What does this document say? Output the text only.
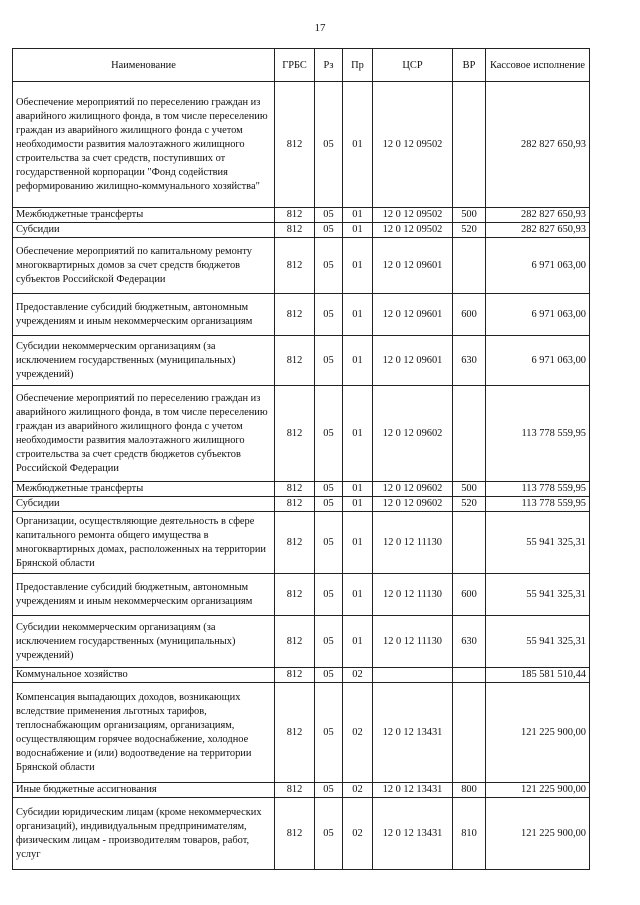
17
Наименование	ГРБС	Рз	Пр	ЦСР	ВР	Кассовое исполнение
Обеспечение мероприятий по переселению граждан из аварийного жилищного фонда, в том числе переселению граждан из аварийного жилищного фонда с учетом необходимости развития малоэтажного жилищного строительства за счет средств, поступивших от государственной корпорации "Фонд содействия реформированию жилищно-коммунального хозяйства"	812	05	01	12 0 12 09502		282 827 650,93
Межбюджетные трансферты	812	05	01	12 0 12 09502	500	282 827 650,93
Субсидии	812	05	01	12 0 12 09502	520	282 827 650,93
Обеспечение мероприятий по капитальному ремонту многоквартирных домов за счет средств бюджетов субъектов Российской Федерации	812	05	01	12 0 12 09601		6 971 063,00
Предоставление субсидий бюджетным, автономным учреждениям и иным некоммерческим организациям	812	05	01	12 0 12 09601	600	6 971 063,00
Субсидии некоммерческим организациям (за исключением государственных (муниципальных) учреждений)	812	05	01	12 0 12 09601	630	6 971 063,00
Обеспечение мероприятий по переселению граждан из аварийного жилищного фонда, в том числе переселению граждан из аварийного жилищного фонда с учетом необходимости развития малоэтажного жилищного строительства за счет средств бюджетов субъектов Российской Федерации	812	05	01	12 0 12 09602		113 778 559,95
Межбюджетные трансферты	812	05	01	12 0 12 09602	500	113 778 559,95
Субсидии	812	05	01	12 0 12 09602	520	113 778 559,95
Организации, осуществляющие деятельность в сфере капитального ремонта общего имущества в многоквартирных домах, расположенных на территории Брянской области	812	05	01	12 0 12 11130		55 941 325,31
Предоставление субсидий бюджетным, автономным учреждениям и иным некоммерческим организациям	812	05	01	12 0 12 11130	600	55 941 325,31
Субсидии некоммерческим организациям (за исключением государственных (муниципальных) учреждений)	812	05	01	12 0 12 11130	630	55 941 325,31
Коммунальное хозяйство	812	05	02			185 581 510,44
Компенсация выпадающих доходов, возникающих вследствие применения льготных тарифов, теплоснабжающим организациям, организациям, осуществляющим горячее водоснабжение, холодное водоснабжение и (или) водоотведение на территории Брянской области	812	05	02	12 0 12 13431		121 225 900,00
Иные бюджетные ассигнования	812	05	02	12 0 12 13431	800	121 225 900,00
Субсидии юридическим лицам (кроме некоммерческих организаций), индивидуальным предпринимателям, физическим лицам - производителям товаров, работ, услуг	812	05	02	12 0 12 13431	810	121 225 900,00
